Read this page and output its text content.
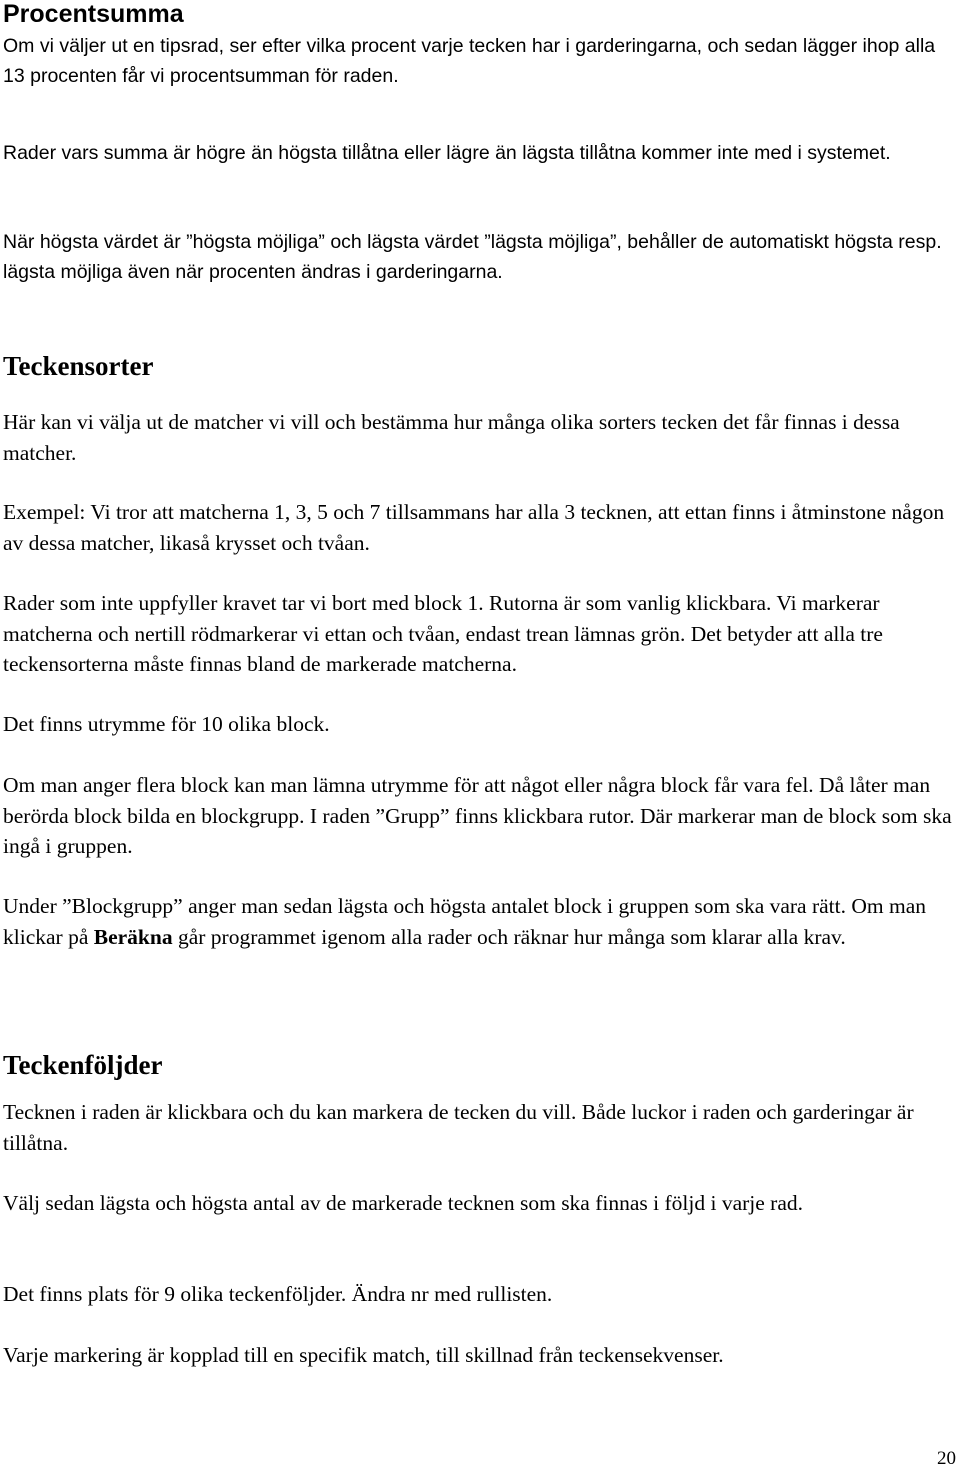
Procentsumma

Om vi väljer ut en tipsrad, ser efter vilka procent varje tecken har i garderingarna, och sedan lägger ihop alla 13 procenten får vi procentsumman för raden.

Rader vars summa är högre än högsta tillåtna eller lägre än lägsta tillåtna kommer inte med i systemet.

När högsta värdet är ”högsta möjliga” och lägsta värdet ”lägsta möjliga”, behåller de automatiskt högsta resp. lägsta möjliga även när procenten ändras i garderingarna.

Teckensorter

Här kan vi välja ut de matcher vi vill och bestämma hur många olika sorters tecken det får finnas i dessa matcher.

Exempel: Vi tror att matcherna 1, 3, 5 och 7 tillsammans har alla 3 tecknen, att ettan finns i åtminstone någon av dessa matcher, likaså krysset och tvåan.

Rader som inte uppfyller kravet tar vi bort med block 1. Rutorna är som vanlig klickbara. Vi markerar matcherna och nertill rödmarkerar vi ettan och tvåan, endast trean lämnas grön. Det betyder att alla tre teckensorterna måste finnas bland de markerade matcherna.

Det finns utrymme för 10 olika block.

Om man anger flera block kan man lämna utrymme för att något eller några block får vara fel. Då låter man berörda block bilda en blockgrupp. I raden ”Grupp” finns klickbara rutor. Där markerar man de block som ska ingå i gruppen.

Under ”Blockgrupp” anger man sedan lägsta och högsta antalet block i gruppen som ska vara rätt. Om man klickar på Beräkna går programmet igenom alla rader och räknar hur många som klarar alla krav.

Teckenföljder

Tecknen i raden är klickbara och du kan markera de tecken du vill. Både luckor i raden och garderingar är tillåtna.

Välj sedan lägsta och högsta antal av de markerade tecknen som ska finnas i följd i varje rad.

Det finns plats för 9 olika teckenföljder. Ändra nr med rullisten.

Varje markering är kopplad till en specifik match, till skillnad från teckensekvenser.

20
